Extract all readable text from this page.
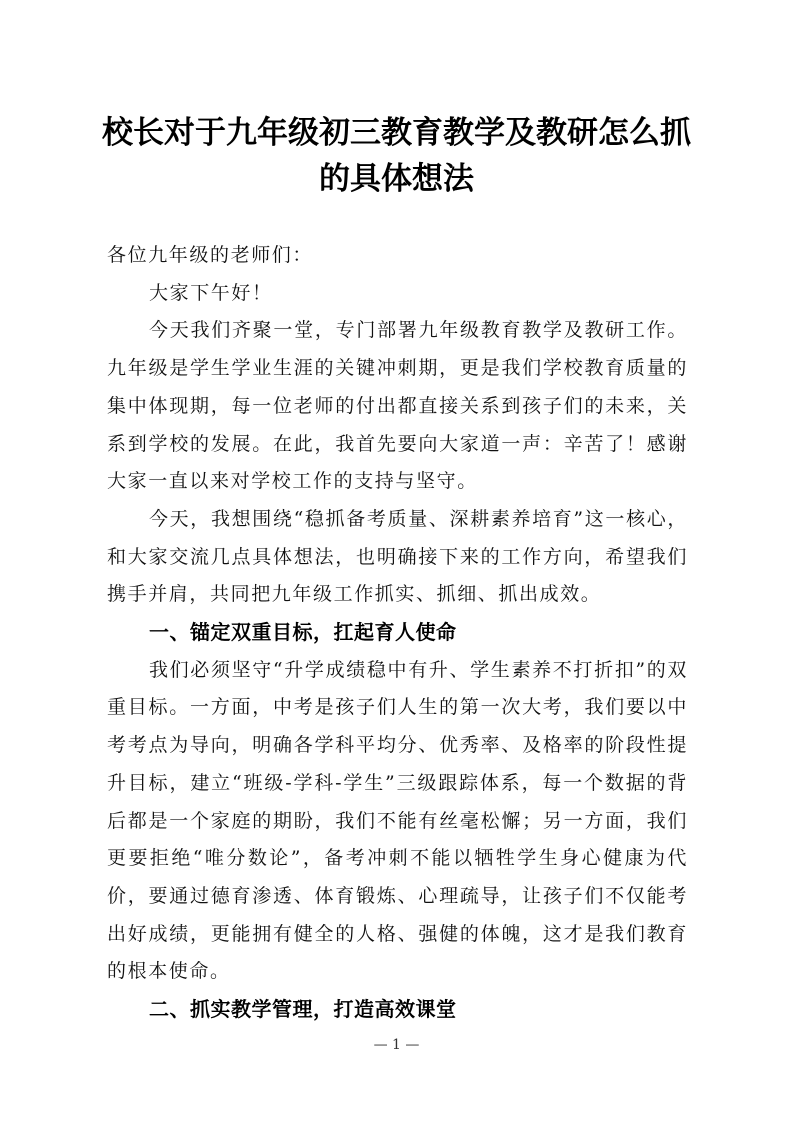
校长对于九年级初三教育教学及教研怎么抓的具体想法

各位九年级的老师们：

大家下午好！

今天我们齐聚一堂，专门部署九年级教育教学及教研工作。九年级是学生学业生涯的关键冲刺期，更是我们学校教育质量的集中体现期，每一位老师的付出都直接关系到孩子们的未来，关系到学校的发展。在此，我首先要向大家道一声：辛苦了！感谢大家一直以来对学校工作的支持与坚守。

今天，我想围绕“稳抓备考质量、深耕素养培育”这一核心，和大家交流几点具体想法，也明确接下来的工作方向，希望我们携手并肩，共同把九年级工作抓实、抓细、抓出成效。

一、锚定双重目标，扛起育人使命

我们必须坚守“升学成绩稳中有升、学生素养不打折扣”的双重目标。一方面，中考是孩子们人生的第一次大考，我们要以中考考点为导向，明确各学科平均分、优秀率、及格率的阶段性提升目标，建立“班级-学科-学生”三级跟踪体系，每一个数据的背后都是一个家庭的期盼，我们不能有丝毫松懈；另一方面，我们更要拒绝“唯分数论”，备考冲刺不能以牺牲学生身心健康为代价，要通过德育渗透、体育锻炼、心理疏导，让孩子们不仅能考出好成绩，更能拥有健全的人格、强健的体魄，这才是我们教育的根本使命。

二、抓实教学管理，打造高效课堂

— 1 —
